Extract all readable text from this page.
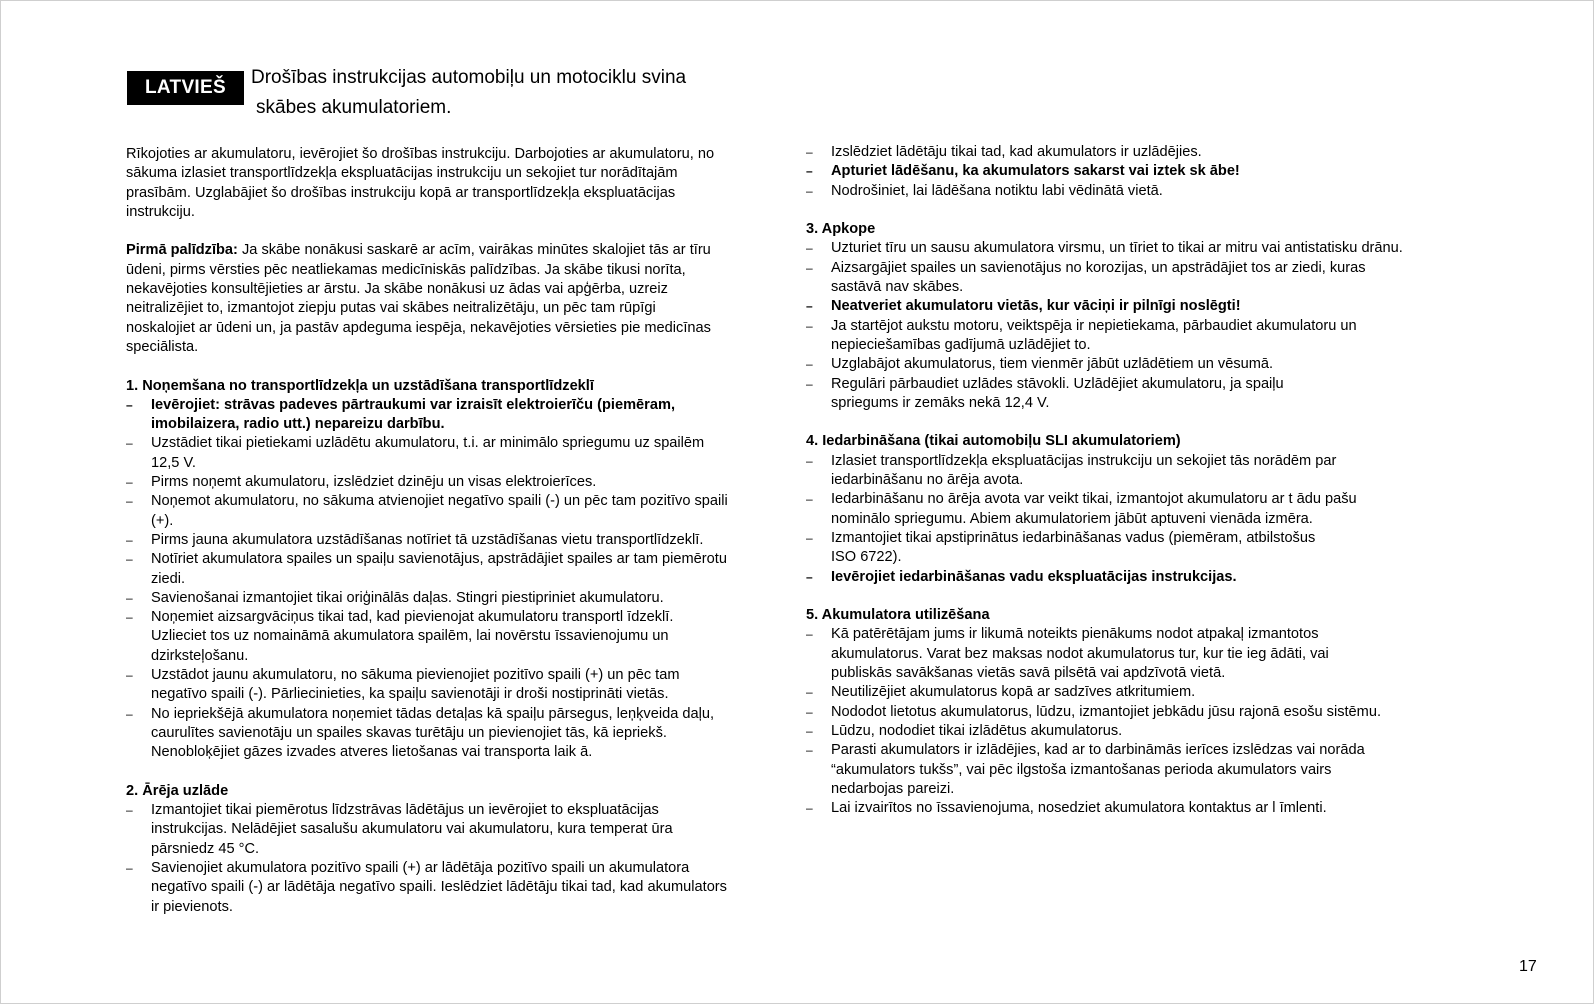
LATVIEŠ	Drošības instrukcijas automobiļu un motociklu svina
skābes akumulatoriem.

Rīkojoties ar akumulatoru, ievērojiet šo drošības instrukciju. Darbojoties ar akumulatoru, no
sākuma izlasiet transportlīdzekļa ekspluatācijas instrukciju un sekojiet tur norādītajām
prasībām. Uzglabājiet šo drošības instrukciju kopā ar transportlīdzekļa ekspluatācijas
instrukciju.

Pirmā palīdzība: Ja skābe nonākusi saskarē ar acīm, vairākas minūtes skalojiet tās ar tīru
ūdeni, pirms vērsties pēc neatliekamas medicīniskās palīdzības. Ja skābe tikusi norīta,
nekavējoties konsultējieties ar ārstu. Ja skābe nonākusi uz ādas vai apģērba, uzreiz
neitralizējiet to, izmantojot ziepju putas vai skābes neitralizētāju, un pēc tam rūpīgi
noskalojiet ar ūdeni un, ja pastāv apdeguma iespēja, nekavējoties vērsieties pie medicīnas
speciālista.

1. Noņemšana no transportlīdzekļa un uzstādīšana transportlīdzeklī

– Ievērojiet: strāvas padeves pārtraukumi var izraisīt elektroierīču (piemēram,
imobilaizera, radio utt.) nepareizu darbību.
– Uzstādiet tikai pietiekami uzlādētu akumulatoru, t.i. ar minimālo spriegumu uz spailēm
12,5 V.
– Pirms noņemt akumulatoru, izslēdziet dzinēju un visas elektroierīces.
– Noņemot akumulatoru, no sākuma atvienojiet negatīvo spaili (-) un pēc tam pozitīvo spaili
(+).
– Pirms jauna akumulatora uzstādīšanas notīriet tā uzstādīšanas vietu transportlīdzeklī.
– Notīriet akumulatora spailes un spaiļu savienotājus, apstrādājiet spailes ar tam piemērotu
ziedi.
– Savienošanai izmantojiet tikai oriģinālās daļas. Stingri piestipriniet akumulatoru.
– Noņemiet aizsargvāciņus tikai tad, kad pievienojat akumulatoru transportl īdzeklī.
Uzlieciet tos uz nomaināmā akumulatora spailēm, lai novērstu īssavienojumu un
dzirksteļošanu.
– Uzstādot jaunu akumulatoru, no sākuma pievienojiet pozitīvo spaili (+) un pēc tam
negatīvo spaili (-). Pārliecinieties, ka spaiļu savienotāji ir droši nostiprināti vietās.
– No iepriekšējā akumulatora noņemiet tādas detaļas kā spaiļu pārsegus, leņķveida daļu,
caurulītes savienotāju un spailes skavas turētāju un pievienojiet tās, kā iepriekš.
Nenobloķējiet gāzes izvades atveres lietošanas vai transporta laik ā.

2. Ārēja uzlāde

– Izmantojiet tikai piemērotus līdzstrāvas lādētājus un ievērojiet to ekspluatācijas
instrukcijas. Nelādējiet sasalušu akumulatoru vai akumulatoru, kura temperat ūra
pārsniedz 45 °C.
– Savienojiet akumulatora pozitīvo spaili (+) ar lādētāja pozitīvo spaili un akumulatora
negatīvo spaili (-) ar lādētāja negatīvo spaili. Ieslēdziet lādētāju tikai tad, kad akumulators
ir pievienots.
– Izslēdziet lādētāju tikai tad, kad akumulators ir uzlādējies.
– Apturiet lādēšanu, ka akumulators sakarst vai iztek sk ābe!
– Nodrošiniet, lai lādēšana notiktu labi vēdinātā vietā.

3. Apkope

– Uzturiet tīru un sausu akumulatora virsmu, un tīriet to tikai ar mitru vai antistatisku drānu.
– Aizsargājiet spailes un savienotājus no korozijas, un apstrādājiet tos ar ziedi, kuras
sastāvā nav skābes.
– Neatveriet akumulatoru vietās, kur vāciņi ir pilnīgi noslēgti!
– Ja startējot aukstu motoru, veiktspēja ir nepietiekama, pārbaudiet akumulatoru un
nepieciešamības gadījumā uzlādējiet to.
– Uzglabājot akumulatorus, tiem vienmēr jābūt uzlādētiem un vēsumā.
– Regulāri pārbaudiet uzlādes stāvokli. Uzlādējiet akumulatoru, ja spaiļu
spriegums ir zemāks nekā 12,4 V.

4. Iedarbināšana (tikai automobiļu SLI akumulatoriem)

– Izlasiet transportlīdzekļa ekspluatācijas instrukciju un sekojiet tās norādēm par
iedarbināšanu no ārēja avota.
– Iedarbināšanu no ārēja avota var veikt tikai, izmantojot akumulatoru ar t ādu pašu
nominālo spriegumu. Abiem akumulatoriem jābūt aptuveni vienāda izmēra.
– Izmantojiet tikai apstiprinātus iedarbināšanas vadus (piemēram, atbilstošus
ISO 6722).
– Ievērojiet iedarbināšanas vadu ekspluatācijas instrukcijas.

5. Akumulatora utilizēšana

– Kā patērētājam jums ir likumā noteikts pienākums nodot atpakaļ izmantotos
akumulatorus. Varat bez maksas nodot akumulatorus tur, kur tie ieg ādāti, vai
publiskās savākšanas vietās savā pilsētā vai apdzīvotā vietā.
– Neutilizējiet akumulatorus kopā ar sadzīves atkritumiem.
– Nododot lietotus akumulatorus, lūdzu, izmantojiet jebkādu jūsu rajonā esošu sistēmu.
– Lūdzu, nododiet tikai izlādētus akumulatorus.
– Parasti akumulators ir izlādējies, kad ar to darbināmās ierīces izslēdzas vai norāda
“akumulators tukšs”, vai pēc ilgstoša izmantošanas perioda akumulators vairs
nedarbojas pareizi.
– Lai izvairītos no īssavienojuma, nosedziet akumulatora kontaktus ar l īmlenti.
17
